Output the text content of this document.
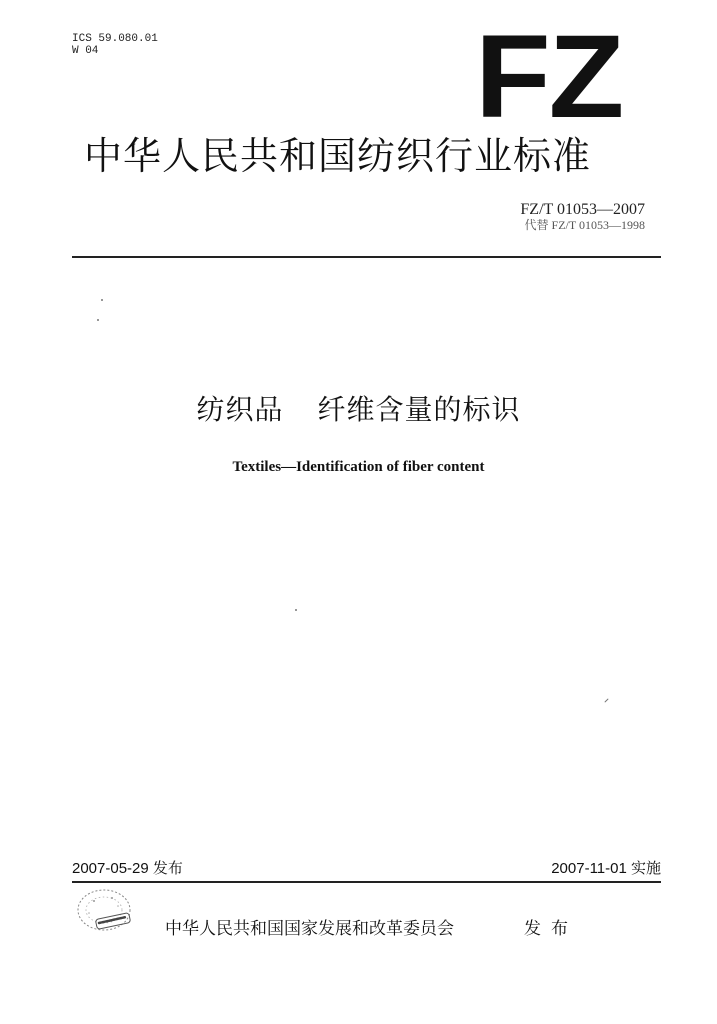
ICS 59.080.01
W 04	FZ
中华人民共和国纺织行业标准
FZ/T 01053—2007
代替 FZ/T 01053—1998
纺织品 纤维含量的标识
Textiles—Identification of fiber content
2007-05-29 发布	2007-11-01 实施
中华人民共和国国家发展和改革委员会	发布
